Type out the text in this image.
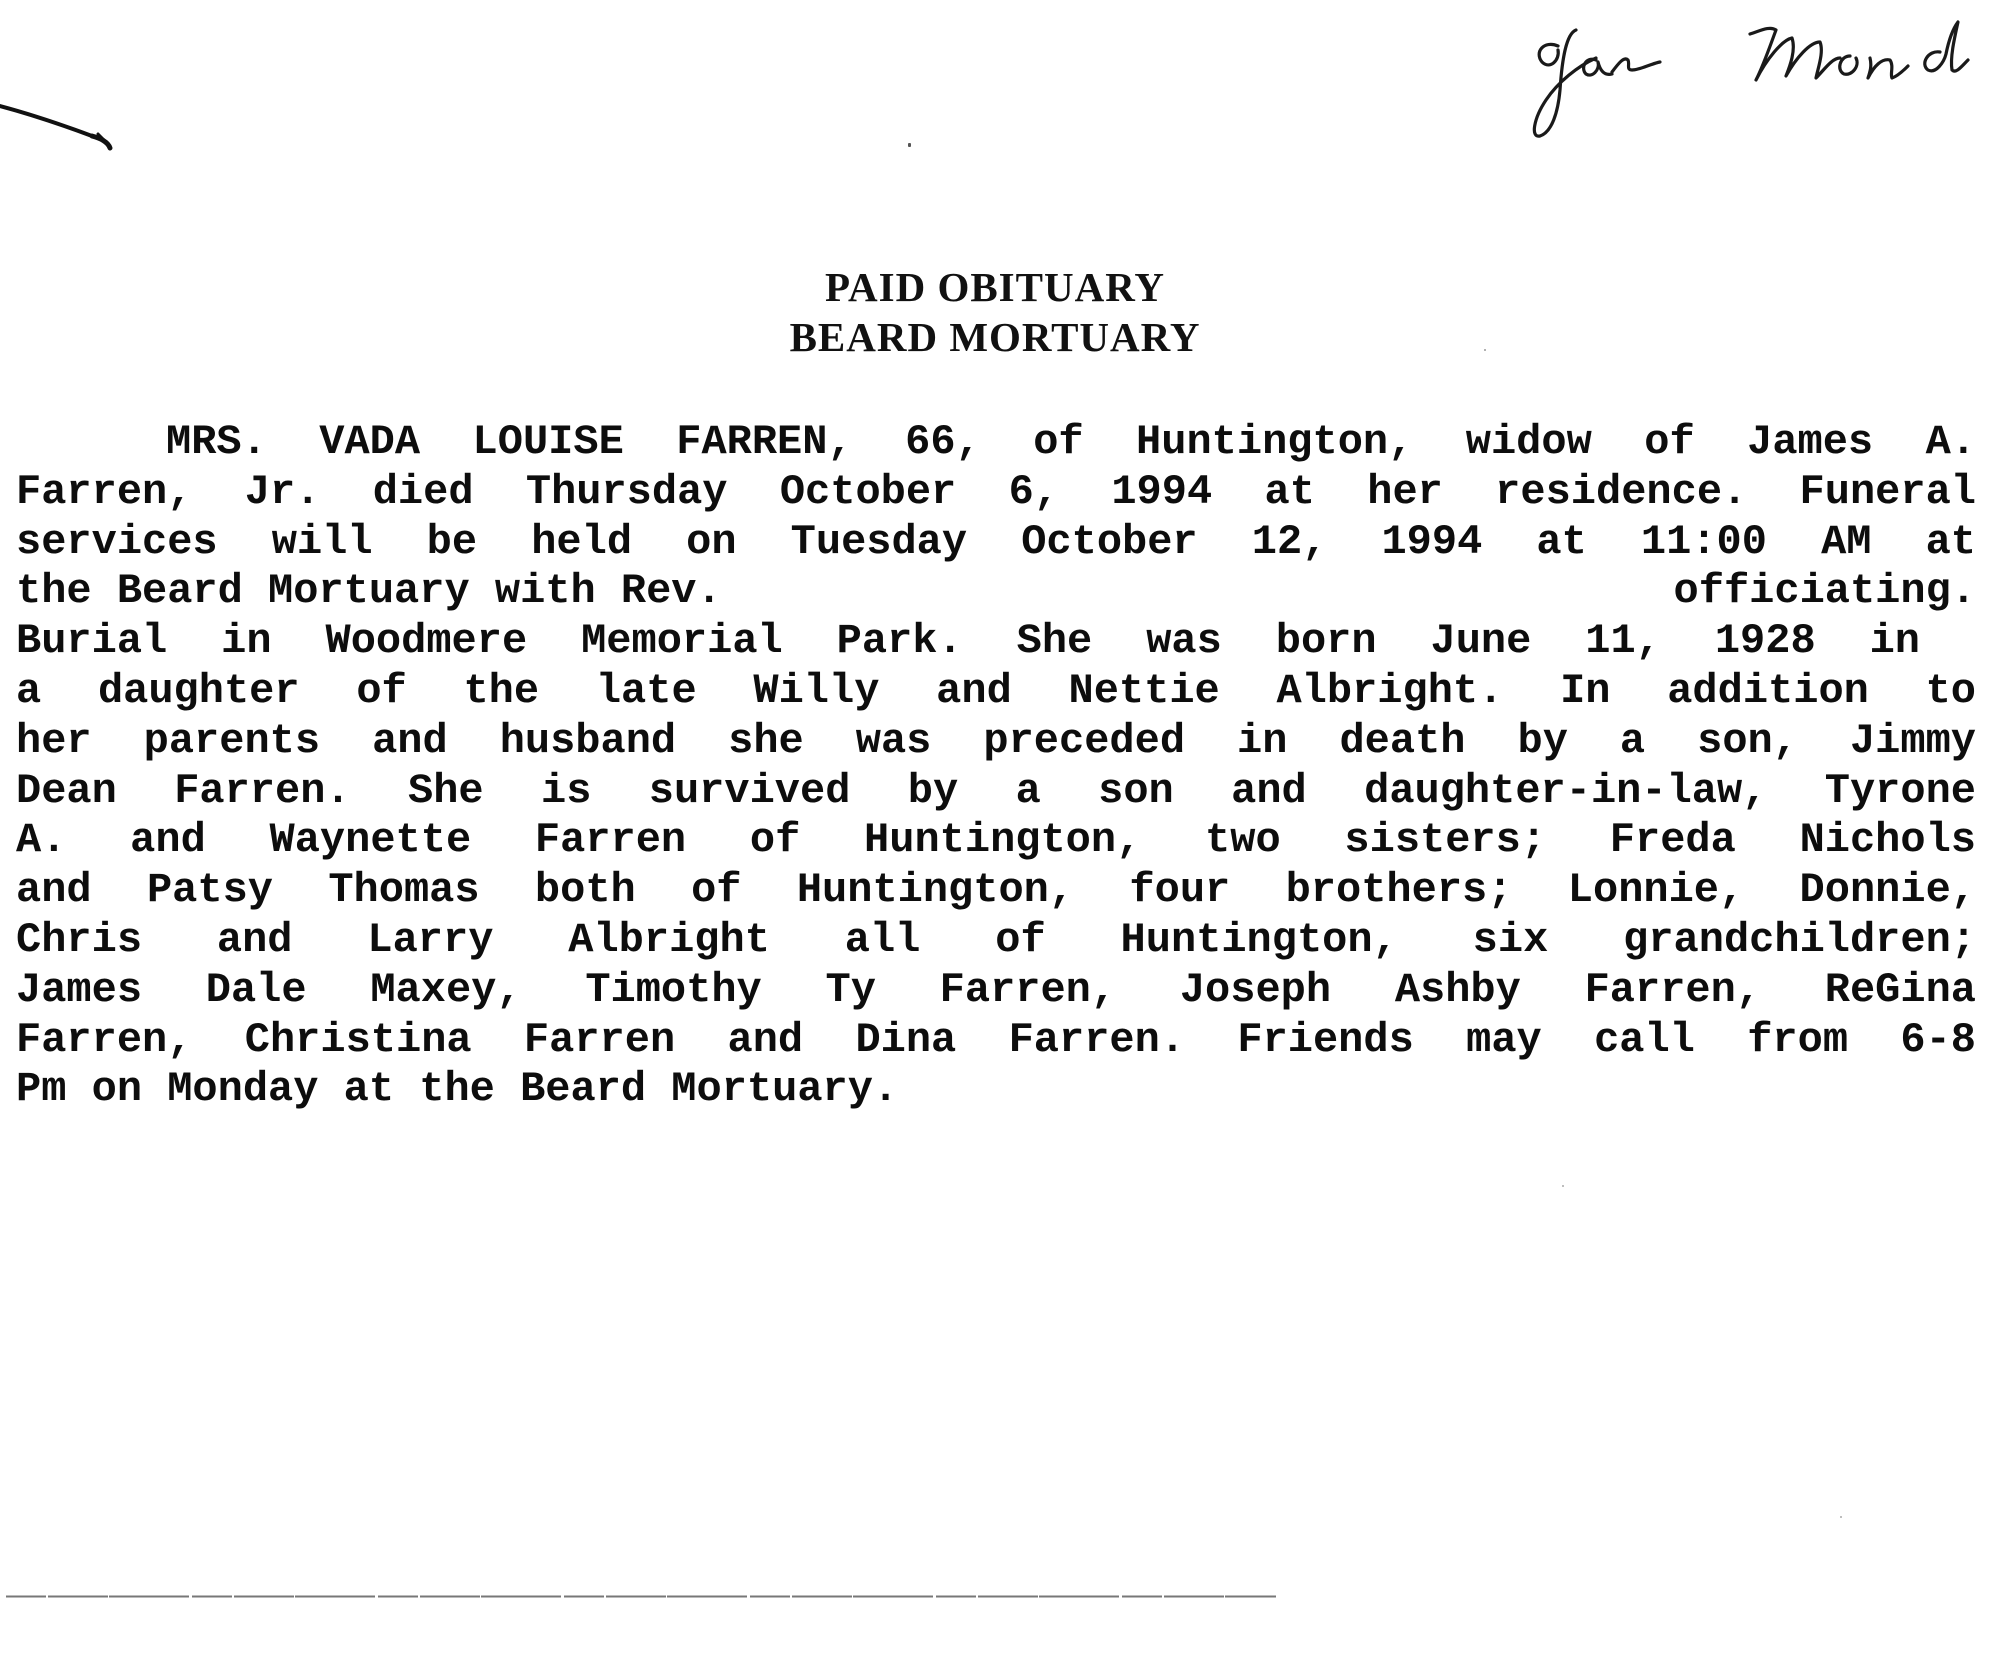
PAID OBITUARY
BEARD MORTUARY
MRS. VADA LOUISE FARREN, 66, of Huntington, widow of James A.
Farren, Jr. died Thursday October 6, 1994 at her residence. Funeral
services will be held on Tuesday October 12, 1994 at 11:00 AM at
the Beard Mortuary with Rev.	officiating.
Burial in Woodmere Memorial Park. She was born June 11, 1928 in
a daughter of the late Willy and Nettie Albright. In addition to
her parents and husband she was preceded in death by a son, Jimmy
Dean Farren. She is survived by a son and daughter-in-law, Tyrone
A. and Waynette Farren of Huntington, two sisters; Freda Nichols
and Patsy Thomas both of Huntington, four brothers; Lonnie, Donnie,
Chris and Larry Albright all of Huntington, six grandchildren;
James Dale Maxey, Timothy Ty Farren, Joseph Ashby Farren, ReGina
Farren, Christina Farren and Dina Farren. Friends may call from 6-8
Pm on Monday at the Beard Mortuary.
